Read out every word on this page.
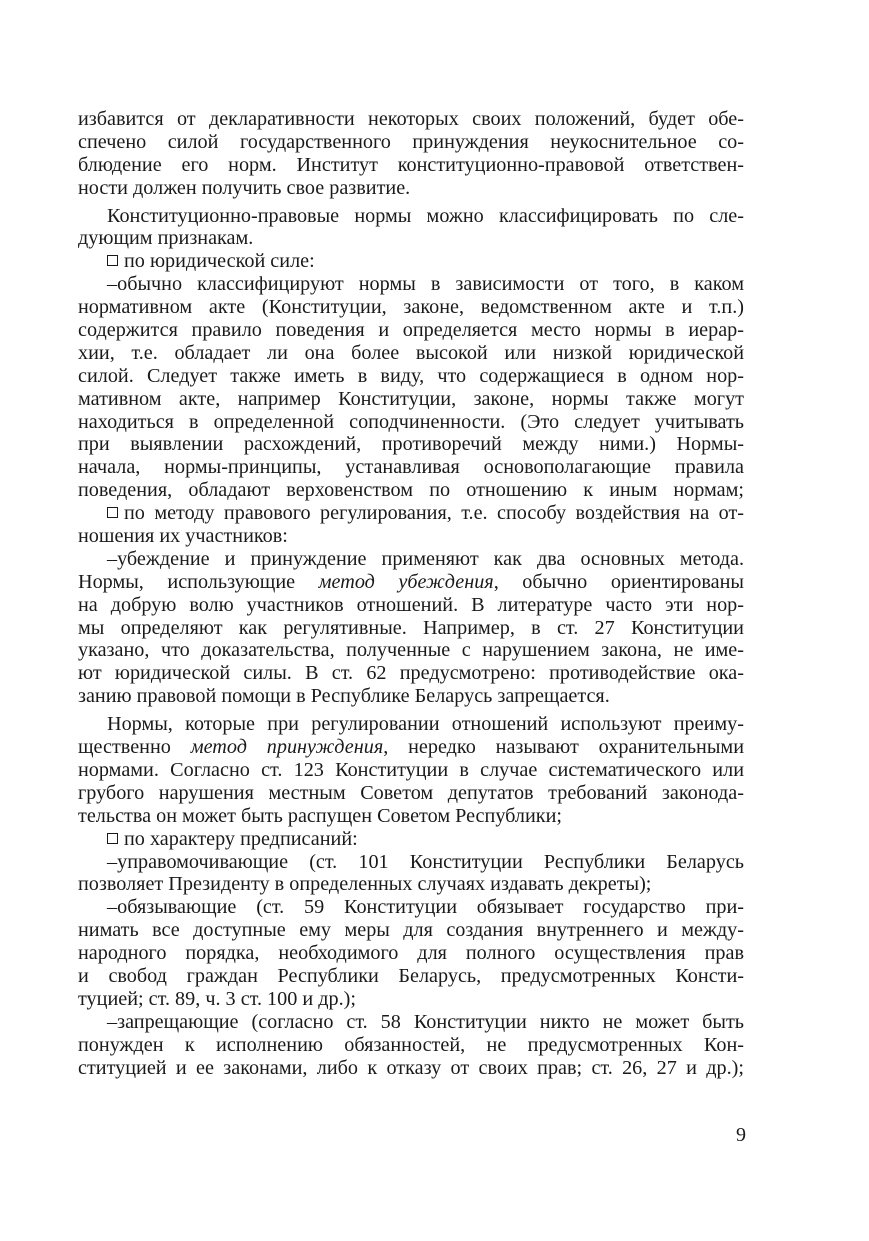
избавится от декларативности некоторых своих положений, будет обе-
спечено силой государственного принуждения неукоснительное со-
блюдение его норм. Институт конституционно-правовой ответствен-
ности должен получить свое развитие.
Конституционно-правовые нормы можно классифицировать по сле-
дующим признакам.
по юридической силе:
–обычно классифицируют нормы в зависимости от того, в каком
нормативном акте (Конституции, законе, ведомственном акте и т.п.)
содержится правило поведения и определяется место нормы в иерар-
хии, т.е. обладает ли она более высокой или низкой юридической
силой. Следует также иметь в виду, что содержащиеся в одном нор-
мативном акте, например Конституции, законе, нормы также могут
находиться в определенной соподчиненности. (Это следует учитывать
при выявлении расхождений, противоречий между ними.) Нормы-
начала, нормы-принципы, устанавливая основополагающие правила
поведения, обладают верховенством по отношению к иным нормам;
по методу правового регулирования, т.е. способу воздействия на от-
ношения их участников:
–убеждение и принуждение применяют как два основных метода.
Нормы, использующие метод убеждения, обычно ориентированы
на добрую волю участников отношений. В литературе часто эти нор-
мы определяют как регулятивные. Например, в ст. 27 Конституции
указано, что доказательства, полученные с нарушением закона, не име-
ют юридической силы. В ст. 62 предусмотрено: противодействие ока-
занию правовой помощи в Республике Беларусь запрещается.
Нормы, которые при регулировании отношений используют преиму-
щественно метод принуждения, нередко называют охранительными
нормами. Согласно ст. 123 Конституции в случае систематического или
грубого нарушения местным Советом депутатов требований законода-
тельства он может быть распущен Советом Республики;
по характеру предписаний:
–управомочивающие (ст. 101 Конституции Республики Беларусь
позволяет Президенту в определенных случаях издавать декреты);
–обязывающие (ст. 59 Конституции обязывает государство при-
нимать все доступные ему меры для создания внутреннего и между-
народного порядка, необходимого для полного осуществления прав
и свобод граждан Республики Беларусь, предусмотренных Консти-
туцией; ст. 89, ч. 3 ст. 100 и др.);
–запрещающие (согласно ст. 58 Конституции никто не может быть
понужден к исполнению обязанностей, не предусмотренных Кон-
ституцией и ее законами, либо к отказу от своих прав; ст. 26, 27 и др.);
9
